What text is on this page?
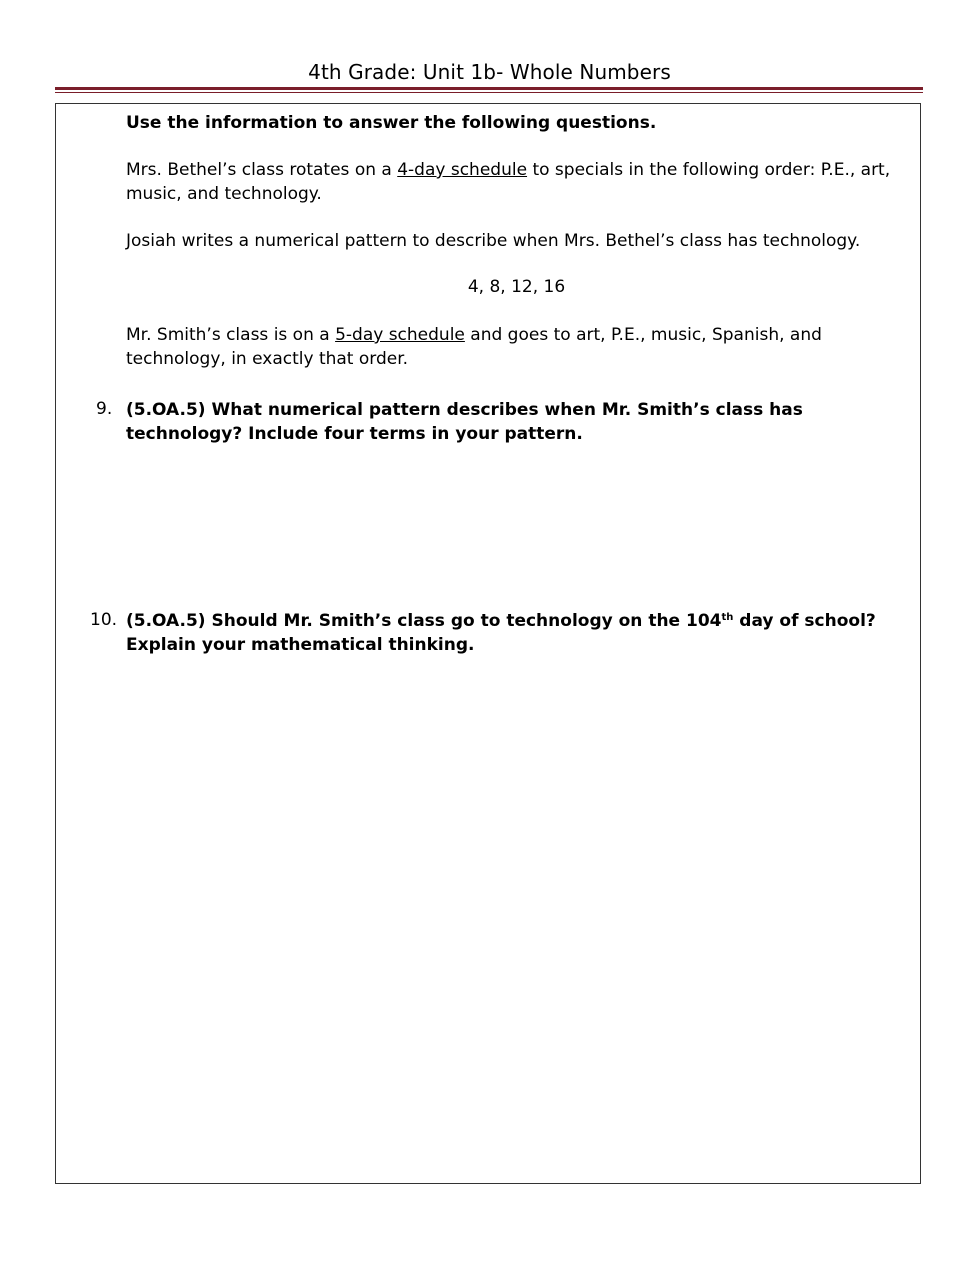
4th Grade: Unit 1b- Whole Numbers
Use the information to answer the following questions.
Mrs. Bethel’s class rotates on a 4-day schedule to specials in the following order: P.E., art, music, and technology.
Josiah writes a numerical pattern to describe when Mrs. Bethel’s class has technology.
4, 8, 12, 16
Mr. Smith’s class is on a 5-day schedule and goes to art, P.E., music, Spanish, and technology, in exactly that order.
9. (5.OA.5) What numerical pattern describes when Mr. Smith’s class has technology? Include four terms in your pattern.
10. (5.OA.5) Should Mr. Smith’s class go to technology on the 104th day of school? Explain your mathematical thinking.
